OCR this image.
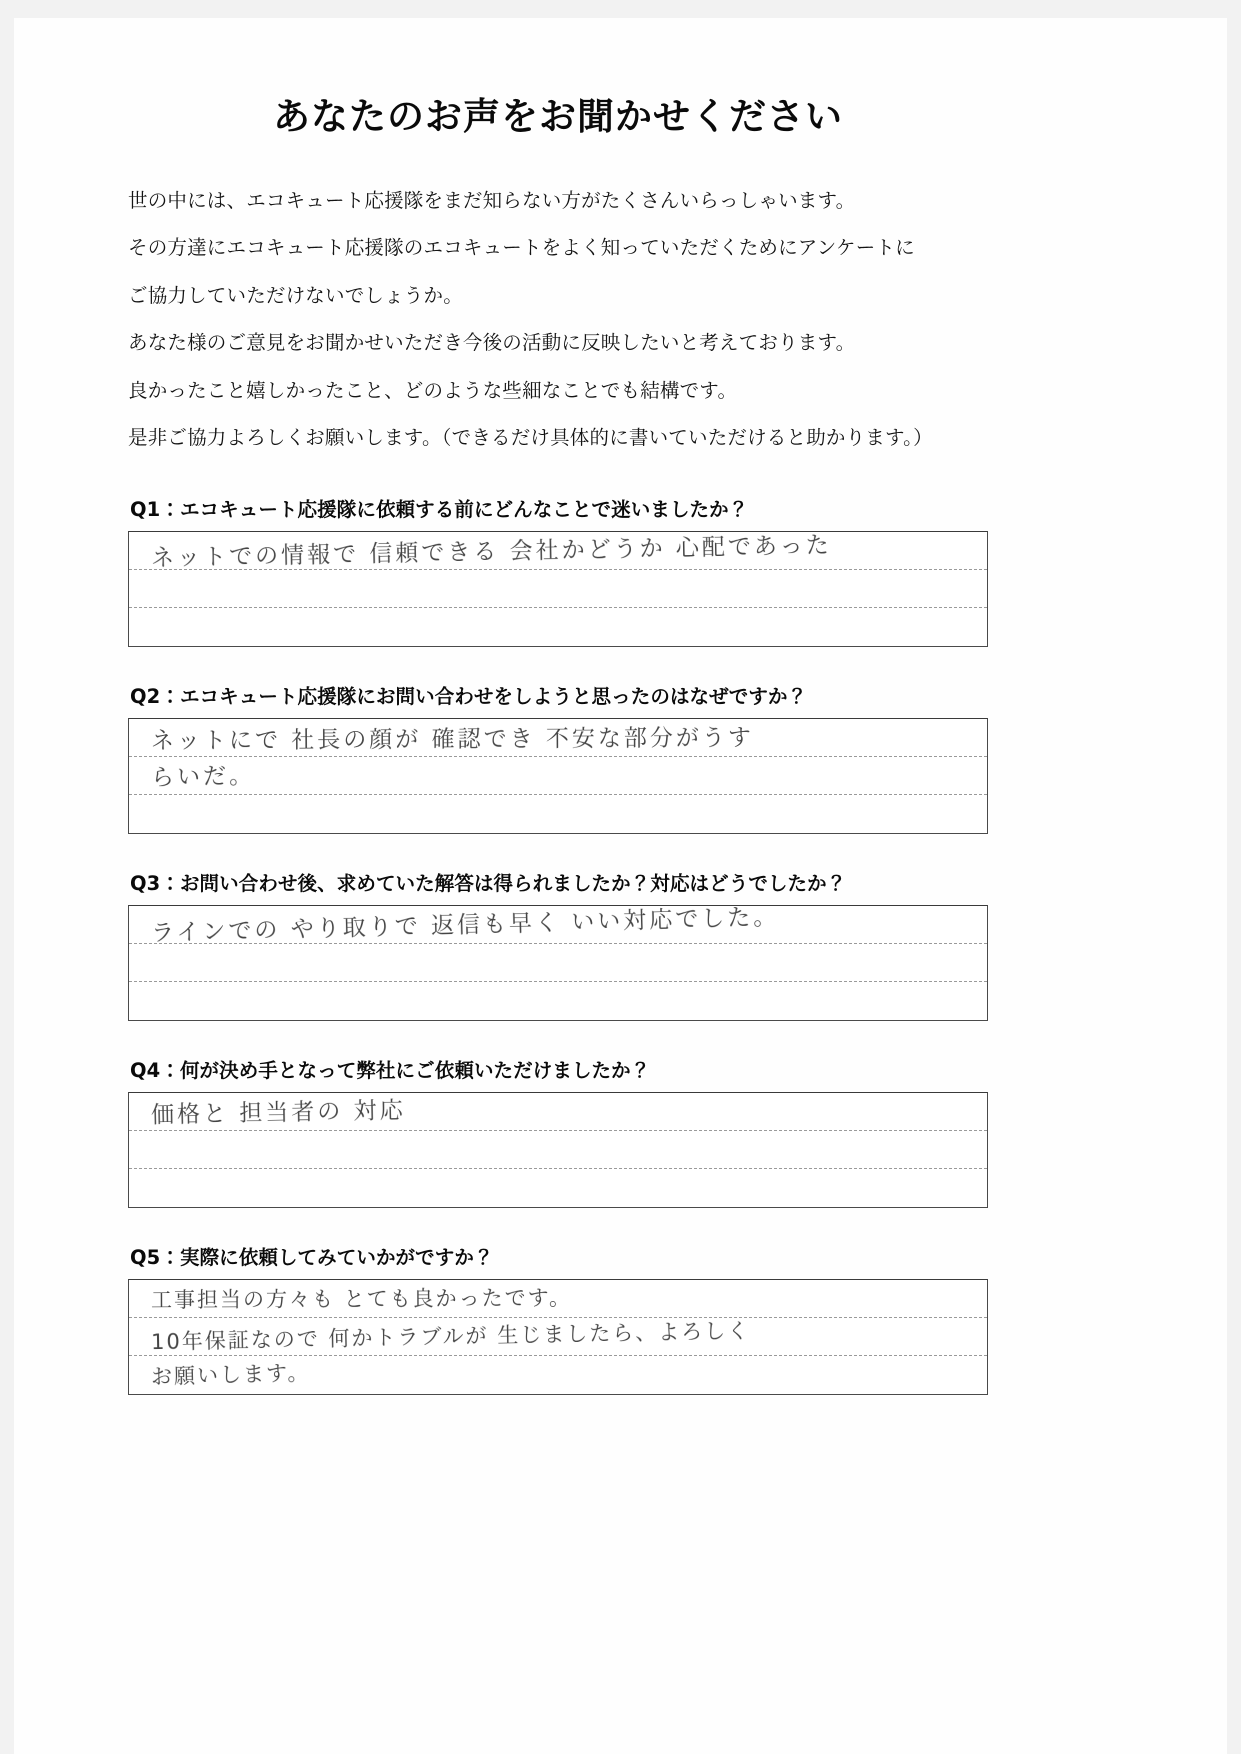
あなたのお声をお聞かせください
世の中には、エコキュート応援隊をまだ知らない方がたくさんいらっしゃいます。
その方達にエコキュート応援隊のエコキュートをよく知っていただくためにアンケートに
ご協力していただけないでしょうか。
あなた様のご意見をお聞かせいただき今後の活動に反映したいと考えております。
良かったこと嬉しかったこと、どのような些細なことでも結構です。
是非ご協力よろしくお願いします。（できるだけ具体的に書いていただけると助かります。）
Q1：エコキュート応援隊に依頼する前にどんなことで迷いましたか？
ネットでの情報で 信頼できる 会社かどうか 心配であった
Q2：エコキュート応援隊にお問い合わせをしようと思ったのはなぜですか？
ネットにで 社長の顔が 確認でき 不安な部分がうす
らいだ。
Q3：お問い合わせ後、求めていた解答は得られましたか？対応はどうでしたか？
ラインでの やり取りで 返信も早く いい対応でした。
Q4：何が決め手となって弊社にご依頼いただけましたか？
価格と 担当者の 対応
Q5：実際に依頼してみていかがですか？
工事担当の方々も とても良かったです。
10年保証なので 何かトラブルが 生じましたら、よろしく
お願いします。
